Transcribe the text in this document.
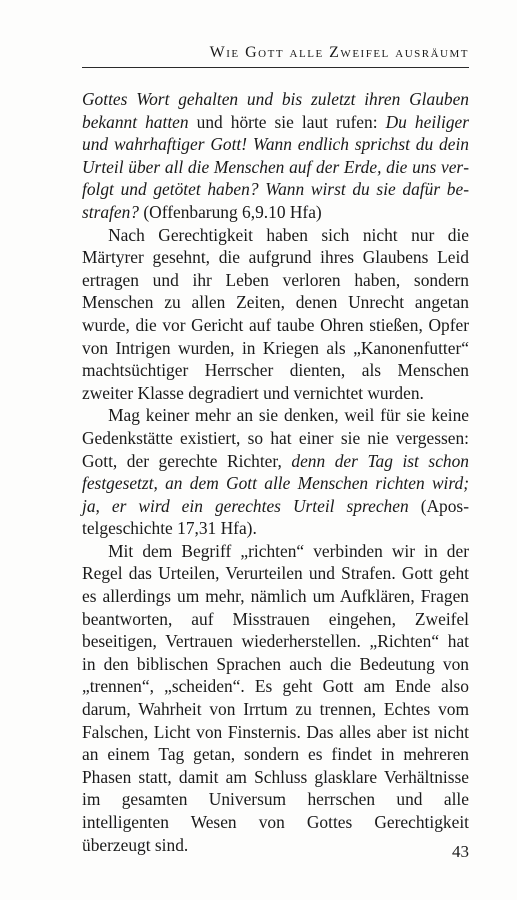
Wie Gott alle Zweifel ausräumt

Gottes Wort gehalten und bis zuletzt ihren Glauben bekannt hatten und hörte sie laut rufen: Du heiliger und wahrhaftiger Gott! Wann endlich sprichst du dein Urteil über all die Menschen auf der Erde, die uns verfolgt und getötet haben? Wann wirst du sie dafür bestrafen? (Offenbarung 6,9.10 Hfa)

Nach Gerechtigkeit haben sich nicht nur die Märtyrer gesehnt, die aufgrund ihres Glaubens Leid ertragen und ihr Leben verloren haben, sondern Menschen zu allen Zeiten, denen Unrecht angetan wurde, die vor Gericht auf taube Ohren stießen, Opfer von Intrigen wurden, in Kriegen als „Kanonenfutter“ machtsüchtiger Herrscher dienten, als Menschen zweiter Klasse degradiert und vernichtet wurden.

Mag keiner mehr an sie denken, weil für sie keine Gedenkstätte existiert, so hat einer sie nie vergessen: Gott, der gerechte Richter, denn der Tag ist schon festgesetzt, an dem Gott alle Menschen richten wird; ja, er wird ein gerechtes Urteil sprechen (Apostelgeschichte 17,31 Hfa).

Mit dem Begriff „richten“ verbinden wir in der Regel das Urteilen, Verurteilen und Strafen. Gott geht es allerdings um mehr, nämlich um Aufklären, Fragen beantworten, auf Misstrauen eingehen, Zweifel beseitigen, Vertrauen wiederherstellen. „Richten“ hat in den biblischen Sprachen auch die Bedeutung von „trennen“, „scheiden“. Es geht Gott am Ende also darum, Wahrheit von Irrtum zu trennen, Echtes vom Falschen, Licht von Finsternis. Das alles aber ist nicht an einem Tag getan, sondern es findet in mehreren Phasen statt, damit am Schluss glasklare Verhältnisse im gesamten Universum herrschen und alle intelligenten Wesen von Gottes Gerechtigkeit überzeugt sind.	43
